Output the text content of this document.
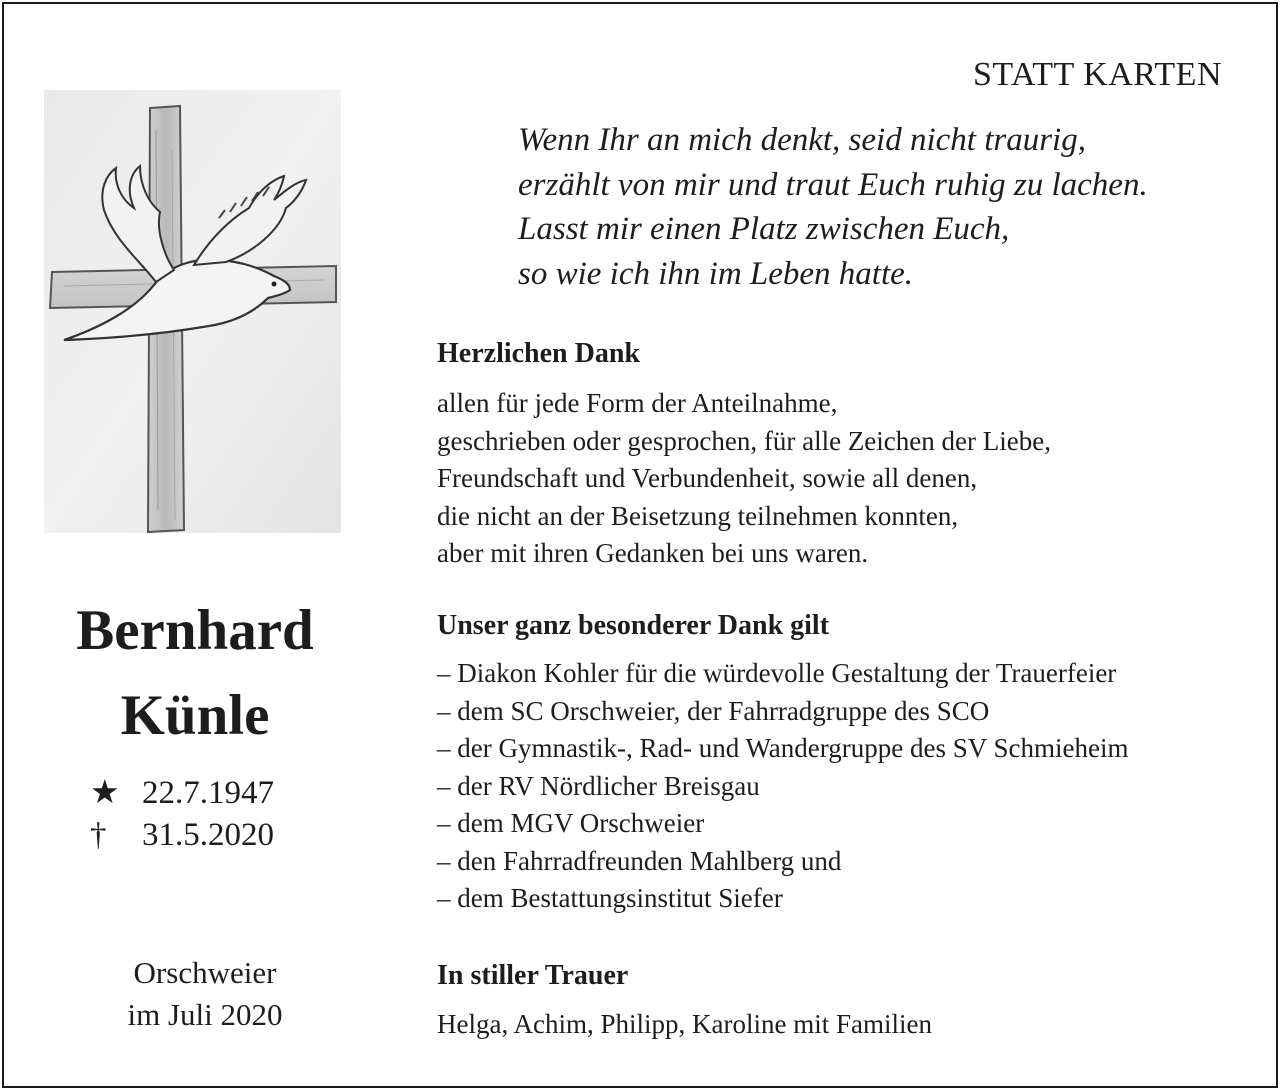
STATT KARTEN
Wenn Ihr an mich denkt, seid nicht traurig,
erzählt von mir und traut Euch ruhig zu lachen.
Lasst mir einen Platz zwischen Euch,
so wie ich ihn im Leben hatte.
Bernhard
Künle
★ 22.7.1947
†	31.5.2020
Orschweier
im Juli 2020
Herzlichen Dank
allen für jede Form der Anteilnahme,
geschrieben oder gesprochen, für alle Zeichen der Liebe,
Freundschaft und Verbundenheit, sowie all denen,
die nicht an der Beisetzung teilnehmen konnten,
aber mit ihren Gedanken bei uns waren.
Unser ganz besonderer Dank gilt
– Diakon Kohler für die würdevolle Gestaltung der Trauerfeier
– dem SC Orschweier, der Fahrradgruppe des SCO
– der Gymnastik-, Rad- und Wandergruppe des SV Schmieheim
– der RV Nördlicher Breisgau
– dem MGV Orschweier
– den Fahrradfreunden Mahlberg und
– dem Bestattungsinstitut Siefer
In stiller Trauer
Helga, Achim, Philipp, Karoline mit Familien
